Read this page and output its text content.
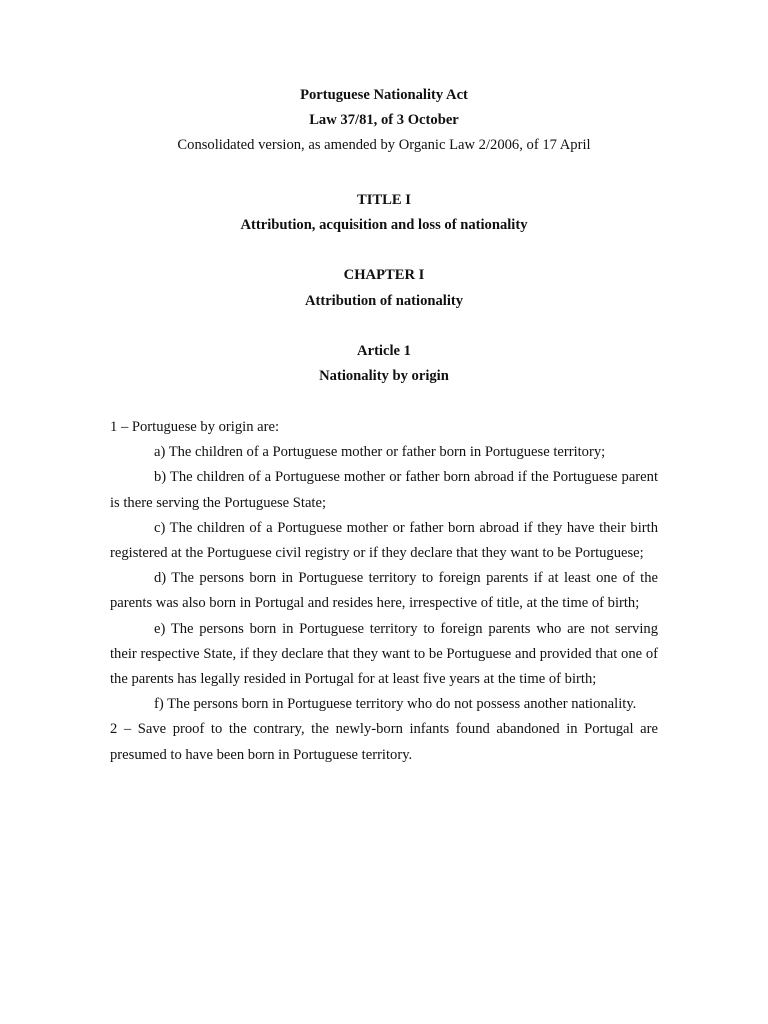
Portuguese Nationality Act
Law 37/81, of 3 October
Consolidated version, as amended by Organic Law 2/2006, of 17 April
TITLE I
Attribution, acquisition and loss of nationality
CHAPTER I
Attribution of nationality
Article 1
Nationality by origin

1 – Portuguese by origin are:

a) The children of a Portuguese mother or father born in Portuguese territory;

b) The children of a Portuguese mother or father born abroad if the Portuguese parent is there serving the Portuguese State;

c) The children of a Portuguese mother or father born abroad if they have their birth registered at the Portuguese civil registry or if they declare that they want to be Portuguese;

d) The persons born in Portuguese territory to foreign parents if at least one of the parents was also born in Portugal and resides here, irrespective of title, at the time of birth;

e) The persons born in Portuguese territory to foreign parents who are not serving their respective State, if they declare that they want to be Portuguese and provided that one of the parents has legally resided in Portugal for at least five years at the time of birth;

f) The persons born in Portuguese territory who do not possess another nationality.

2 – Save proof to the contrary, the newly-born infants found abandoned in Portugal are presumed to have been born in Portuguese territory.
